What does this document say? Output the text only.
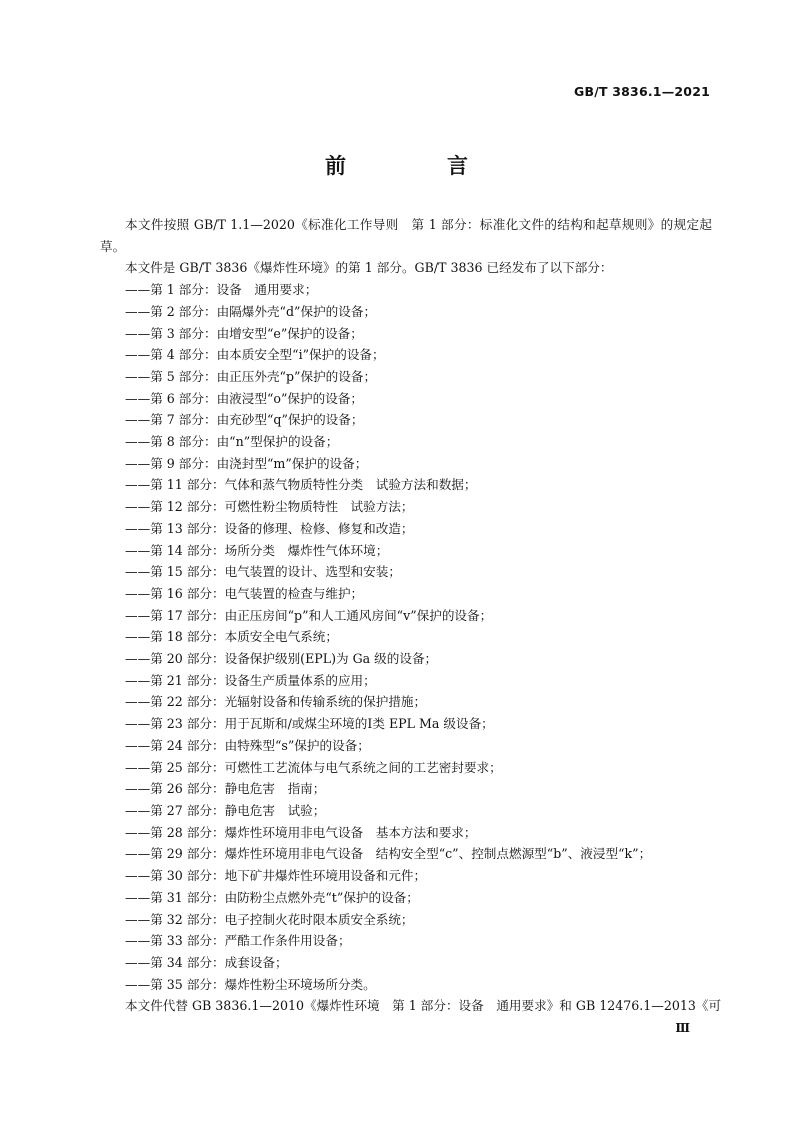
GB/T 3836.1—2021
前　言

本文件按照 GB/T 1.1—2020《标准化工作导则　第 1 部分：标准化文件的结构和起草规则》的规定起草。

本文件是 GB/T 3836《爆炸性环境》的第 1 部分。GB/T 3836 已经发布了以下部分：

——第 1 部分：设备　通用要求；

——第 2 部分：由隔爆外壳“d”保护的设备；

——第 3 部分：由增安型“e”保护的设备；

——第 4 部分：由本质安全型“i”保护的设备；

——第 5 部分：由正压外壳“p”保护的设备；

——第 6 部分：由液浸型“o”保护的设备；

——第 7 部分：由充砂型“q”保护的设备；

——第 8 部分：由“n”型保护的设备；

——第 9 部分：由浇封型“m”保护的设备；

——第 11 部分：气体和蒸气物质特性分类　试验方法和数据；

——第 12 部分：可燃性粉尘物质特性　试验方法；

——第 13 部分：设备的修理、检修、修复和改造；

——第 14 部分：场所分类　爆炸性气体环境；

——第 15 部分：电气装置的设计、选型和安装；

——第 16 部分：电气装置的检查与维护；

——第 17 部分：由正压房间“p”和人工通风房间“v”保护的设备；

——第 18 部分：本质安全电气系统；

——第 20 部分：设备保护级别(EPL)为 Ga 级的设备；

——第 21 部分：设备生产质量体系的应用；

——第 22 部分：光辐射设备和传输系统的保护措施；

——第 23 部分：用于瓦斯和/或煤尘环境的Ⅰ类 EPL Ma 级设备；

——第 24 部分：由特殊型“s”保护的设备；

——第 25 部分：可燃性工艺流体与电气系统之间的工艺密封要求；

——第 26 部分：静电危害　指南；

——第 27 部分：静电危害　试验；

——第 28 部分：爆炸性环境用非电气设备　基本方法和要求；

——第 29 部分：爆炸性环境用非电气设备　结构安全型“c”、控制点燃源型“b”、液浸型“k”；

——第 30 部分：地下矿井爆炸性环境用设备和元件；

——第 31 部分：由防粉尘点燃外壳“t”保护的设备；

——第 32 部分：电子控制火花时限本质安全系统；

——第 33 部分：严酷工作条件用设备；

——第 34 部分：成套设备；

——第 35 部分：爆炸性粉尘环境场所分类。

本文件代替 GB 3836.1—2010《爆炸性环境　第 1 部分：设备　通用要求》和 GB 12476.1—2013《可

Ⅲ
